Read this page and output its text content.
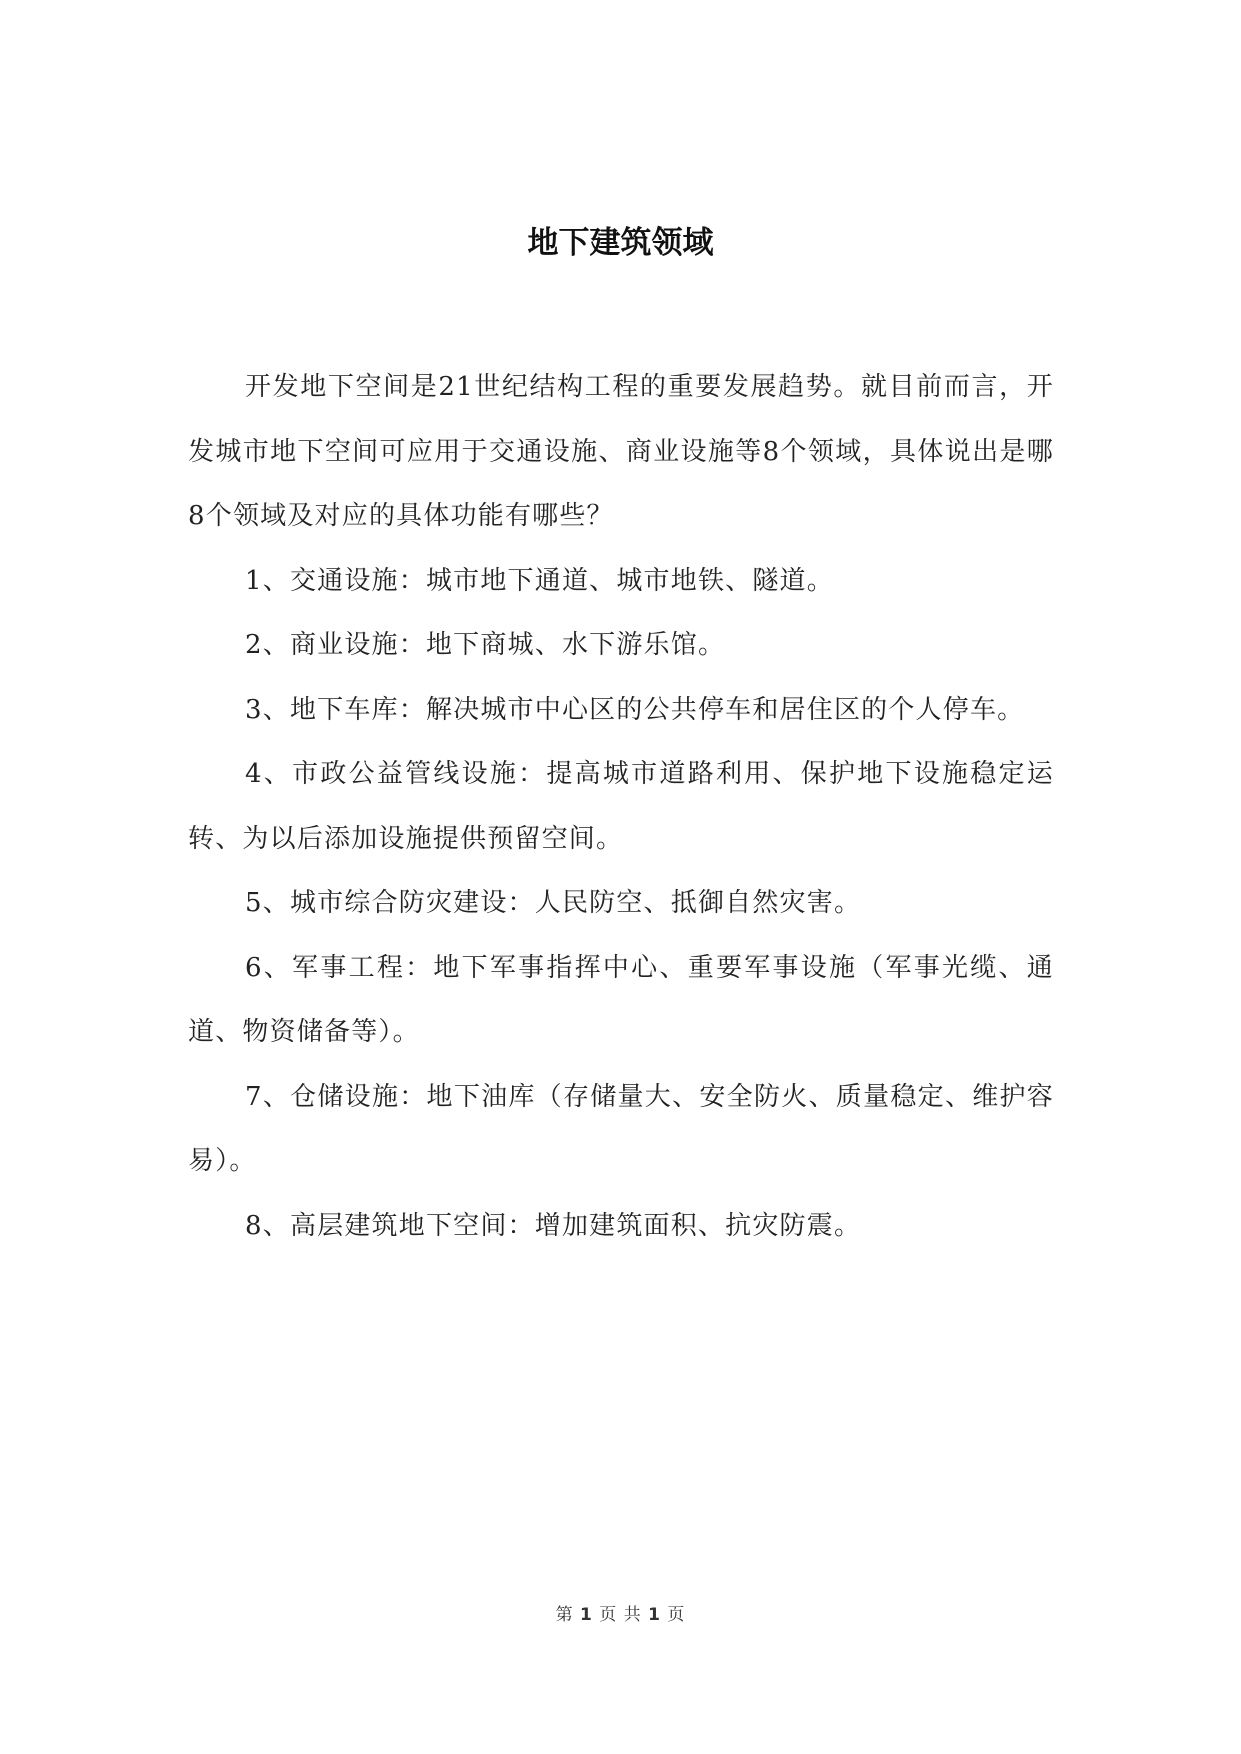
地下建筑领域

开发地下空间是21世纪结构工程的重要发展趋势。就目前而言，开发城市地下空间可应用于交通设施、商业设施等8个领域，具体说出是哪8个领域及对应的具体功能有哪些？

1、交通设施：城市地下通道、城市地铁、隧道。

2、商业设施：地下商城、水下游乐馆。

3、地下车库：解决城市中心区的公共停车和居住区的个人停车。

4、市政公益管线设施：提高城市道路利用、保护地下设施稳定运转、为以后添加设施提供预留空间。

5、城市综合防灾建设：人民防空、抵御自然灾害。

6、军事工程：地下军事指挥中心、重要军事设施（军事光缆、通道、物资储备等）。

7、仓储设施：地下油库（存储量大、安全防火、质量稳定、维护容易）。

8、高层建筑地下空间：增加建筑面积、抗灾防震。

第 1 页 共 1 页
